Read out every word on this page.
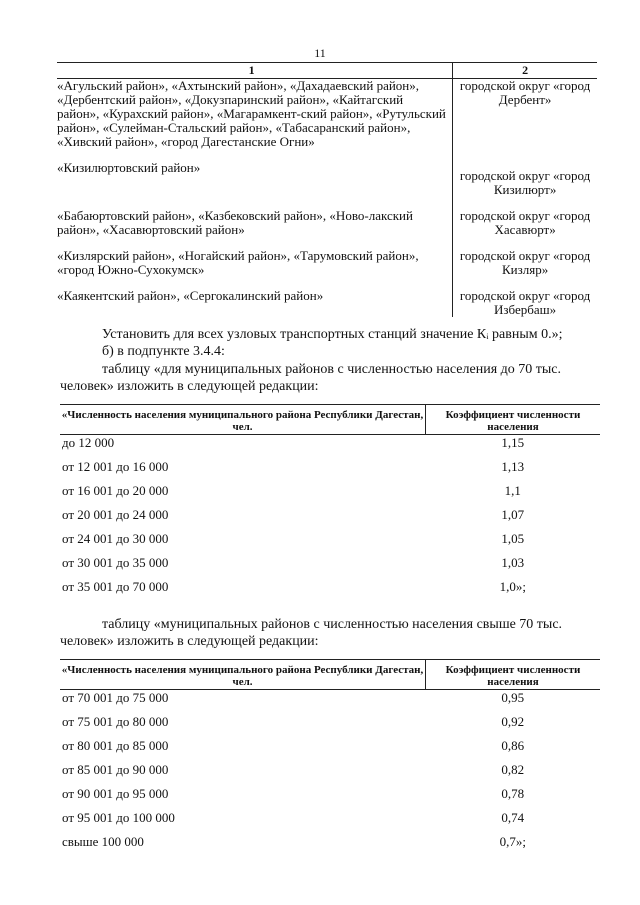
11
1	2
«Агульский район», «Ахтынский район», «Дахадаевский район», «Дербентский район», «Докузпаринский район», «Кайтагский район», «Курахский район», «Магарамкент-ский район», «Рутульский район», «Сулейман-Стальский район», «Табасаранский район», «Хивский район», «город Дагестанские Огни»	городской округ «город Дербент»

«Кизилюртовский район»	городской округ «город Кизилюрт»

«Бабаюртовский район», «Казбековский район», «Ново-лакский район», «Хасавюртовский район»	городской округ «город Хасавюрт»

«Кизлярский район», «Ногайский район», «Тарумовский район», «город Южно-Сухокумск»	городской округ «город Кизляр»

«Каякентский район», «Сергокалинский район»	городской округ «город Избербаш»
Установить для всех узловых транспортных станций значение Кᵢ равным 0.»;
б) в подпункте 3.4.4:
таблицу «для муниципальных районов с численностью населения до 70 тыс. человек» изложить в следующей редакции:
«Численность населения муниципального района Республики Дагестан, чел.	Коэффициент численности населения
до 12 000	1,15
от 12 001 до 16 000	1,13
от 16 001 до 20 000	1,1
от 20 001 до 24 000	1,07
от 24 001 до 30 000	1,05
от 30 001 до 35 000	1,03
от 35 001 до 70 000	1,0»;
таблицу «муниципальных районов с численностью населения свыше 70 тыс. человек» изложить в следующей редакции:
«Численность населения муниципального района Республики Дагестан, чел.	Коэффициент численности населения
от 70 001 до 75 000	0,95
от 75 001 до 80 000	0,92
от 80 001 до 85 000	0,86
от 85 001 до 90 000	0,82
от 90 001 до 95 000	0,78
от 95 001 до 100 000	0,74
свыше 100 000	0,7»;
